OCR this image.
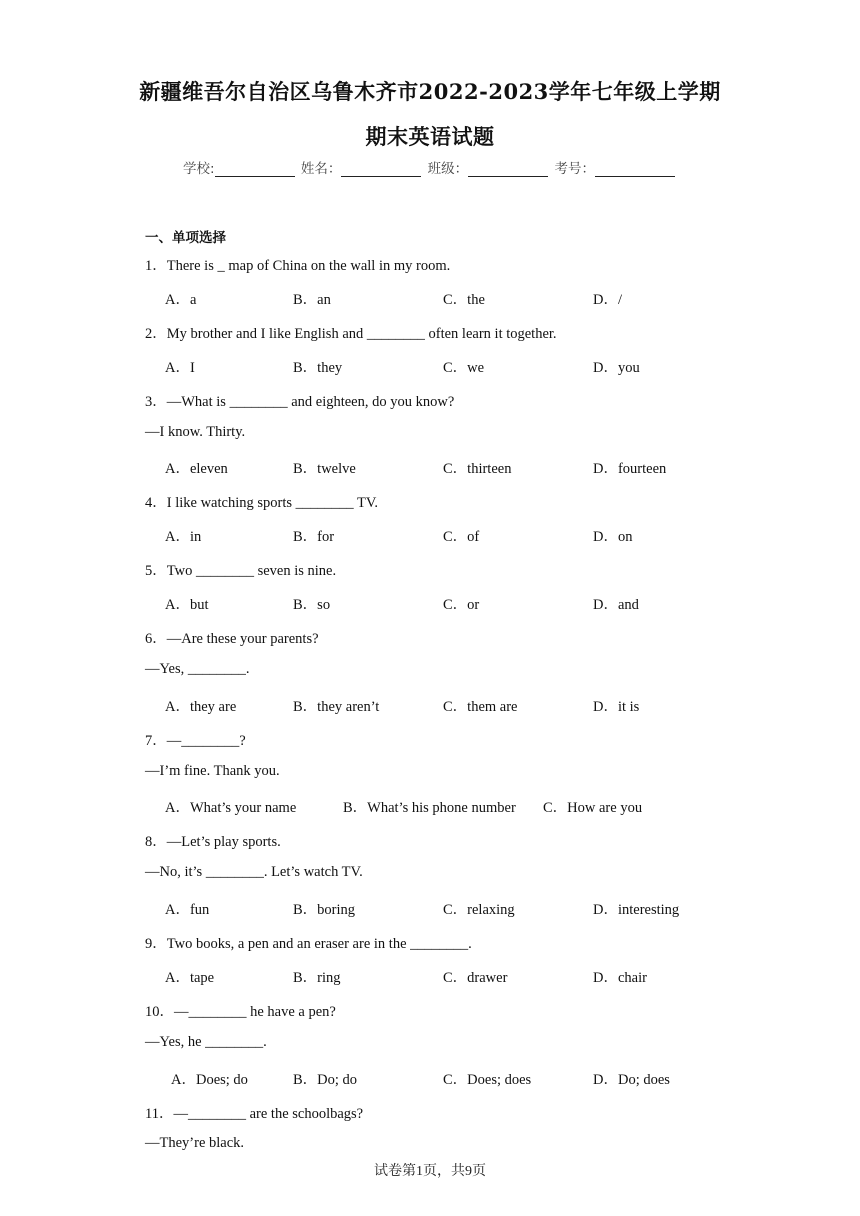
新疆维吾尔自治区乌鲁木齐市2022-2023学年七年级上学期
期末英语试题
学校:	姓名：	班级：	考号：
一、单项选择
1．There is _ map of China on the wall in my room.
A．a	B．an	C．the	D．/
2．My brother and I like English and ________ often learn it together.
A．I	B．they	C．we	D．you
3．—What is ________ and eighteen, do you know?
—I know. Thirty.
A．eleven	B．twelve	C．thirteen	D．fourteen
4．I like watching sports ________ TV.
A．in	B．for	C．of	D．on
5．Two ________ seven is nine.
A．but	B．so	C．or	D．and
6．—Are these your parents?
—Yes, ________.
A．they are	B．they aren’t	C．them are	D．it is
7．—________?
—I’m fine. Thank you.
A．What’s your name	B．What’s his phone number C．How are you
8．—Let’s play sports.
—No, it’s ________. Let’s watch TV.
A．fun	B．boring	C．relaxing	D．interesting
9．Two books, a pen and an eraser are in the ________.
A．tape	B．ring	C．drawer	D．chair
10．—________ he have a pen?
—Yes, he ________.
A．Does; do	B．Do; do	C．Does; does	D．Do; does
11．—________ are the schoolbags?
—They’re black.
试卷第1页，共9页
